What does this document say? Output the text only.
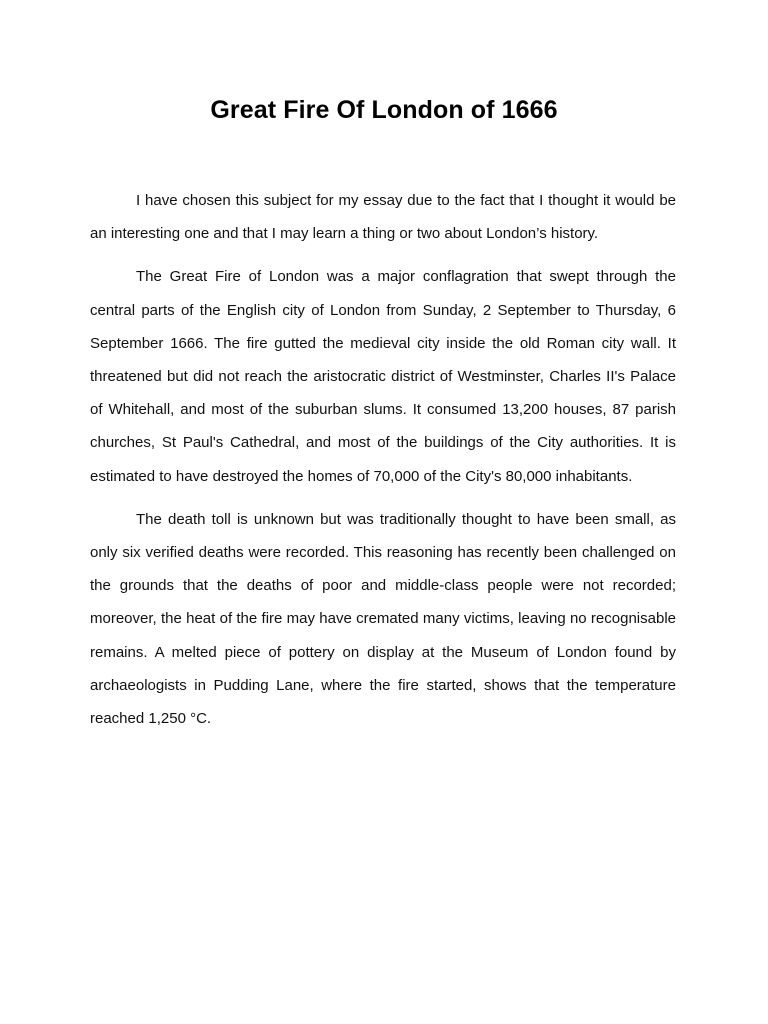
Great Fire Of London of 1666

I have chosen this subject for my essay due to the fact that I thought it would be an interesting one and that I may learn a thing or two about London’s history.

The Great Fire of London was a major conflagration that swept through the central parts of the English city of London from Sunday, 2 September to Thursday, 6 September 1666. The fire gutted the medieval city inside the old Roman city wall. It threatened but did not reach the aristocratic district of Westminster, Charles II's Palace of Whitehall, and most of the suburban slums. It consumed 13,200 houses, 87 parish churches, St Paul's Cathedral, and most of the buildings of the City authorities. It is estimated to have destroyed the homes of 70,000 of the City's 80,000 inhabitants.

The death toll is unknown but was traditionally thought to have been small, as only six verified deaths were recorded. This reasoning has recently been challenged on the grounds that the deaths of poor and middle-class people were not recorded; moreover, the heat of the fire may have cremated many victims, leaving no recognisable remains. A melted piece of pottery on display at the Museum of London found by archaeologists in Pudding Lane, where the fire started, shows that the temperature reached 1,250 °C.
